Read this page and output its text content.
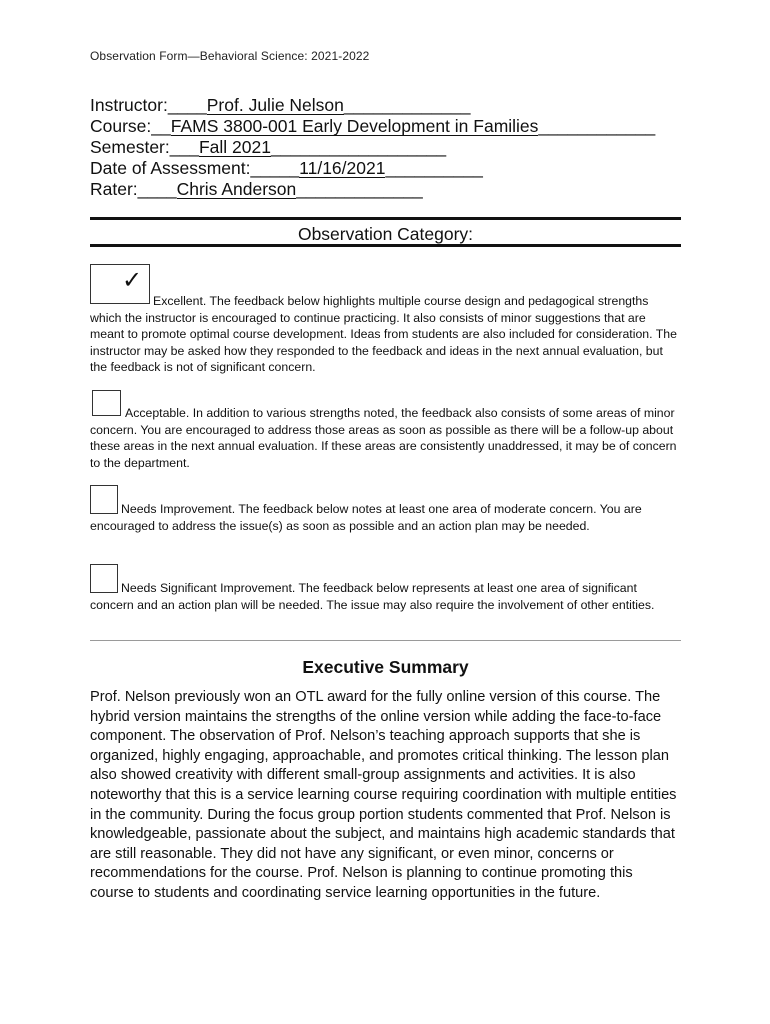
Observation Form—Behavioral Science: 2021-2022
Instructor:____Prof. Julie Nelson_____________
Course:__FAMS 3800-001 Early Development in Families____________
Semester:___Fall 2021__________________
Date of Assessment:_____11/16/2021__________
Rater:____Chris Anderson_____________
Observation Category:
✓
Excellent. The feedback below highlights multiple course design and pedagogical strengths which the instructor is encouraged to continue practicing. It also consists of minor suggestions that are meant to promote optimal course development. Ideas from students are also included for consideration. The instructor may be asked how they responded to the feedback and ideas in the next annual evaluation, but the feedback is not of significant concern.
Acceptable. In addition to various strengths noted, the feedback also consists of some areas of minor concern. You are encouraged to address those areas as soon as possible as there will be a follow-up about these areas in the next annual evaluation. If these areas are consistently unaddressed, it may be of concern to the department.
Needs Improvement. The feedback below notes at least one area of moderate concern. You are encouraged to address the issue(s) as soon as possible and an action plan may be needed.
Needs Significant Improvement. The feedback below represents at least one area of significant concern and an action plan will be needed. The issue may also require the involvement of other entities.
Executive Summary
Prof. Nelson previously won an OTL award for the fully online version of this course. The hybrid version maintains the strengths of the online version while adding the face-to-face component. The observation of Prof. Nelson’s teaching approach supports that she is organized, highly engaging, approachable, and promotes critical thinking. The lesson plan also showed creativity with different small-group assignments and activities. It is also noteworthy that this is a service learning course requiring coordination with multiple entities in the community. During the focus group portion students commented that Prof. Nelson is knowledgeable, passionate about the subject, and maintains high academic standards that are still reasonable. They did not have any significant, or even minor, concerns or recommendations for the course. Prof. Nelson is planning to continue promoting this course to students and coordinating service learning opportunities in the future.
